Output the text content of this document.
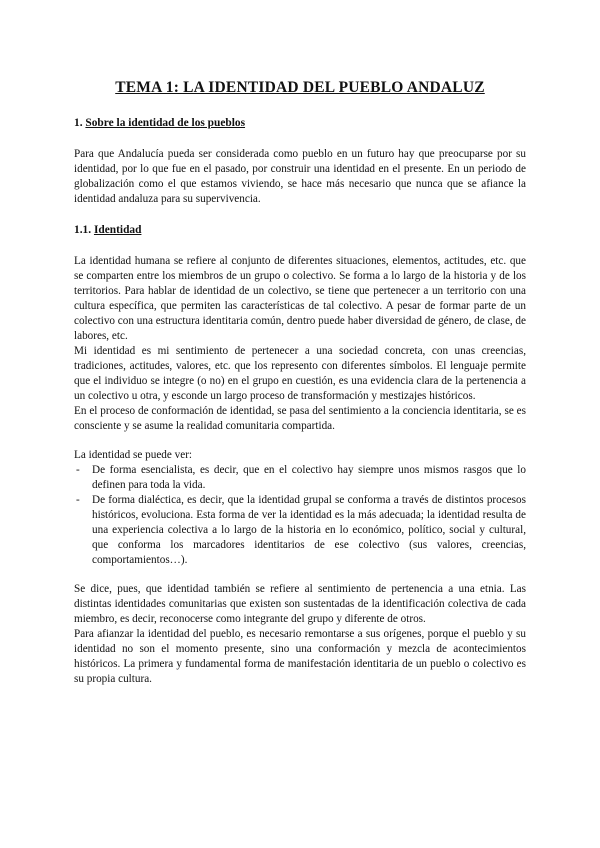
TEMA 1: LA IDENTIDAD DEL PUEBLO ANDALUZ
1. Sobre la identidad de los pueblos

Para que Andalucía pueda ser considerada como pueblo en un futuro hay que preocuparse por su identidad, por lo que fue en el pasado, por construir una identidad en el presente. En un periodo de globalización como el que estamos viviendo, se hace más necesario que nunca que se afiance la identidad andaluza para su supervivencia.

1.1. Identidad

La identidad humana se refiere al conjunto de diferentes situaciones, elementos, actitudes, etc. que se comparten entre los miembros de un grupo o colectivo. Se forma a lo largo de la historia y de los territorios. Para hablar de identidad de un colectivo, se tiene que pertenecer a un territorio con una cultura específica, que permiten las características de tal colectivo. A pesar de formar parte de un colectivo con una estructura identitaria común, dentro puede haber diversidad de género, de clase, de labores, etc.

Mi identidad es mi sentimiento de pertenecer a una sociedad concreta, con unas creencias, tradiciones, actitudes, valores, etc. que los represento con diferentes símbolos. El lenguaje permite que el individuo se integre (o no) en el grupo en cuestión, es una evidencia clara de la pertenencia a un colectivo u otra, y esconde un largo proceso de transformación y mestizajes históricos.

En el proceso de conformación de identidad, se pasa del sentimiento a la conciencia identitaria, se es consciente y se asume la realidad comunitaria compartida.

La identidad se puede ver:

- De forma esencialista, es decir, que en el colectivo hay siempre unos mismos rasgos que lo definen para toda la vida.
- De forma dialéctica, es decir, que la identidad grupal se conforma a través de distintos procesos históricos, evoluciona. Esta forma de ver la identidad es la más adecuada; la identidad resulta de una experiencia colectiva a lo largo de la historia en lo económico, político, social y cultural, que conforma los marcadores identitarios de ese colectivo (sus valores, creencias, comportamientos…).

Se dice, pues, que identidad también se refiere al sentimiento de pertenencia a una etnia. Las distintas identidades comunitarias que existen son sustentadas de la identificación colectiva de cada miembro, es decir, reconocerse como integrante del grupo y diferente de otros.

Para afianzar la identidad del pueblo, es necesario remontarse a sus orígenes, porque el pueblo y su identidad no son el momento presente, sino una conformación y mezcla de acontecimientos históricos. La primera y fundamental forma de manifestación identitaria de un pueblo o colectivo es su propia cultura.
